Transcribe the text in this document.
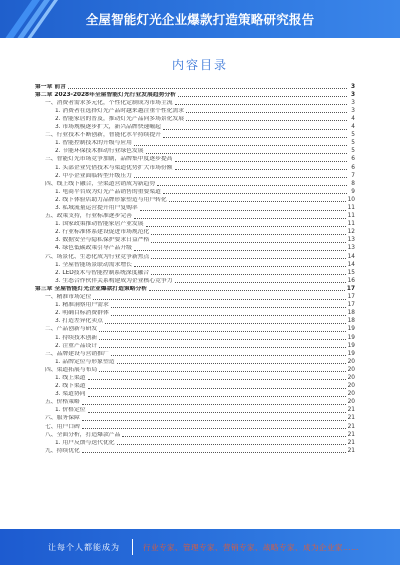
全屋智能灯光企业爆款打造策略研究报告
内容目录
第一章 前言	3
第二章 2023-2028年全屋智能灯光行业发展趋势分析	3
一、消费者需求多元化，个性化定制成为市场主流	3
1. 消费者在选择灯光产品时越来越注重个性化需求	3
2. 智能家居的普及，推动灯光产品向多场景化发展	4
3. 市场规模逐步扩大，新兴品牌快速崛起	4
二、行业技术不断创新，智能化水平持续提升	5
1. 智能控制技术的升级与应用	5
2. 节能环保技术推动行业绿色发展	5
三、智能灯光市场竞争加剧，品牌集中度逐步提高	6
1. 头部企业凭借技术与渠道优势扩大市场份额	6
2. 中小企业面临转型升级压力	7
四、线上线下融合，全渠道营销成为新趋势	8
1. 电商平台成为灯光产品销售的重要渠道	9
2. 线下体验店助力品牌形象塑造与用户转化	10
3. 私域流量运营提升用户复购率	11
五、政策支持，行业标准逐步完善	11
1. 国家政策推动智能家居产业发展	11
2. 行业标准体系建设促进市场规范化	12
3. 数据安全与隐私保护要求日益严格	13
4. 绿色低碳政策引导产品升级	13
六、场景化、生态化成为行业竞争新焦点	14
1. 全屋智能场景联动需求增长	14
2. LED技术与智能控制系统深度融合	15
3. 生态合作伙伴关系构建成为企业核心竞争力	16
第三章 全屋智能灯光企业爆款打造策略分析	17
一、精准市场定位	17
1. 精准洞察用户需求	17
2. 明确目标消费群体	18
3. 打造差异化卖点	18
二、产品创新与研发	19
1. 持续技术创新	19
2. 注重产品设计	19
三、品牌建设与营销推广	19
1. 品牌定位与形象塑造	20
四、渠道拓展与布局	20
1. 线上渠道	20
2. 线下渠道	20
3. 渠道协同	20
五、价格策略	20
1. 价格定位	21
六、服务保障	21
七、用户口碑	21
八、全面分析，打造爆款产品	21
1. 用户反馈与迭代优化	21
九、持续优化	21
让每个人都能成为	行业专家、管理专家、营销专家、战略专家、成为企业家……
